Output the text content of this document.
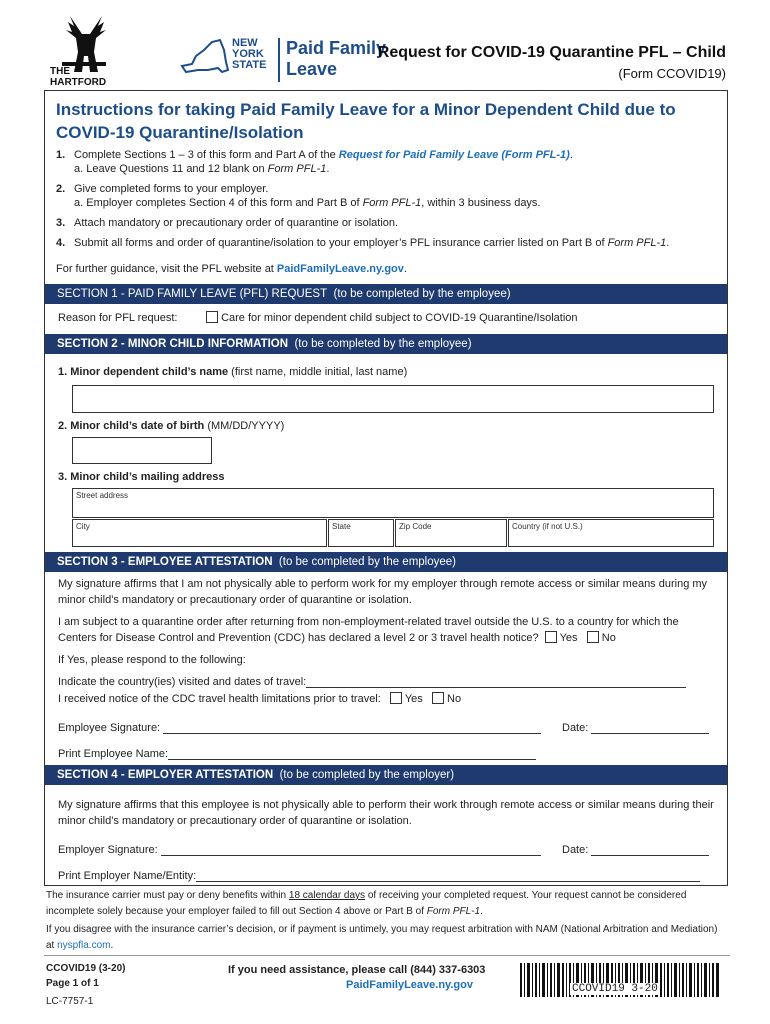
THE
HARTFORD
NEW
YORK
STATE
Paid Family
Leave
Request for COVID-19 Quarantine PFL – Child
(Form CCOVID19)
Instructions for taking Paid Family Leave for a Minor Dependent Child due to COVID-19 Quarantine/Isolation
1. Complete Sections 1 – 3 of this form and Part A of the Request for Paid Family Leave (Form PFL-1).
a. Leave Questions 11 and 12 blank on Form PFL-1.
2. Give completed forms to your employer.
a. Employer completes Section 4 of this form and Part B of Form PFL-1, within 3 business days.
3. Attach mandatory or precautionary order of quarantine or isolation.
4. Submit all forms and order of quarantine/isolation to your employer’s PFL insurance carrier listed on Part B of Form PFL-1.
For further guidance, visit the PFL website at PaidFamilyLeave.ny.gov.
SECTION 1 - PAID FAMILY LEAVE (PFL) REQUEST (to be completed by the employee)
Reason for PFL request:	Care for minor dependent child subject to COVID-19 Quarantine/Isolation
SECTION 2 - MINOR CHILD INFORMATION (to be completed by the employee)
1. Minor dependent child’s name (first name, middle initial, last name)
2. Minor child’s date of birth (MM/DD/YYYY)
3. Minor child’s mailing address
Street address
City	State	Zip Code	Country (if not U.S.)
SECTION 3 - EMPLOYEE ATTESTATION (to be completed by the employee)
My signature affirms that I am not physically able to perform work for my employer through remote access or similar means during my minor child’s mandatory or precautionary order of quarantine or isolation.
I am subject to a quarantine order after returning from non-employment-related travel outside the U.S. to a country for which the Centers for Disease Control and Prevention (CDC) has declared a level 2 or 3 travel health notice? Yes No
If Yes, please respond to the following:
Indicate the country(ies) visited and dates of travel:
I received notice of the CDC travel health limitations prior to travel: Yes No
Employee Signature:	Date:
Print Employee Name:
SECTION 4 - EMPLOYER ATTESTATION (to be completed by the employer)
My signature affirms that this employee is not physically able to perform their work through remote access or similar means during their minor child’s mandatory or precautionary order of quarantine or isolation.
Employer Signature:	Date:
Print Employer Name/Entity:
The insurance carrier must pay or deny benefits within 18 calendar days of receiving your completed request. Your request cannot be considered incomplete solely because your employer failed to fill out Section 4 above or Part B of Form PFL-1.
If you disagree with the insurance carrier’s decision, or if payment is untimely, you may request arbitration with NAM (National Arbitration and Mediation) at nyspfla.com.
CCOVID19 (3-20)
Page 1 of 1
LC-7757-1
If you need assistance, please call (844) 337-6303
PaidFamilyLeave.ny.gov	CCOVID19 3-20
